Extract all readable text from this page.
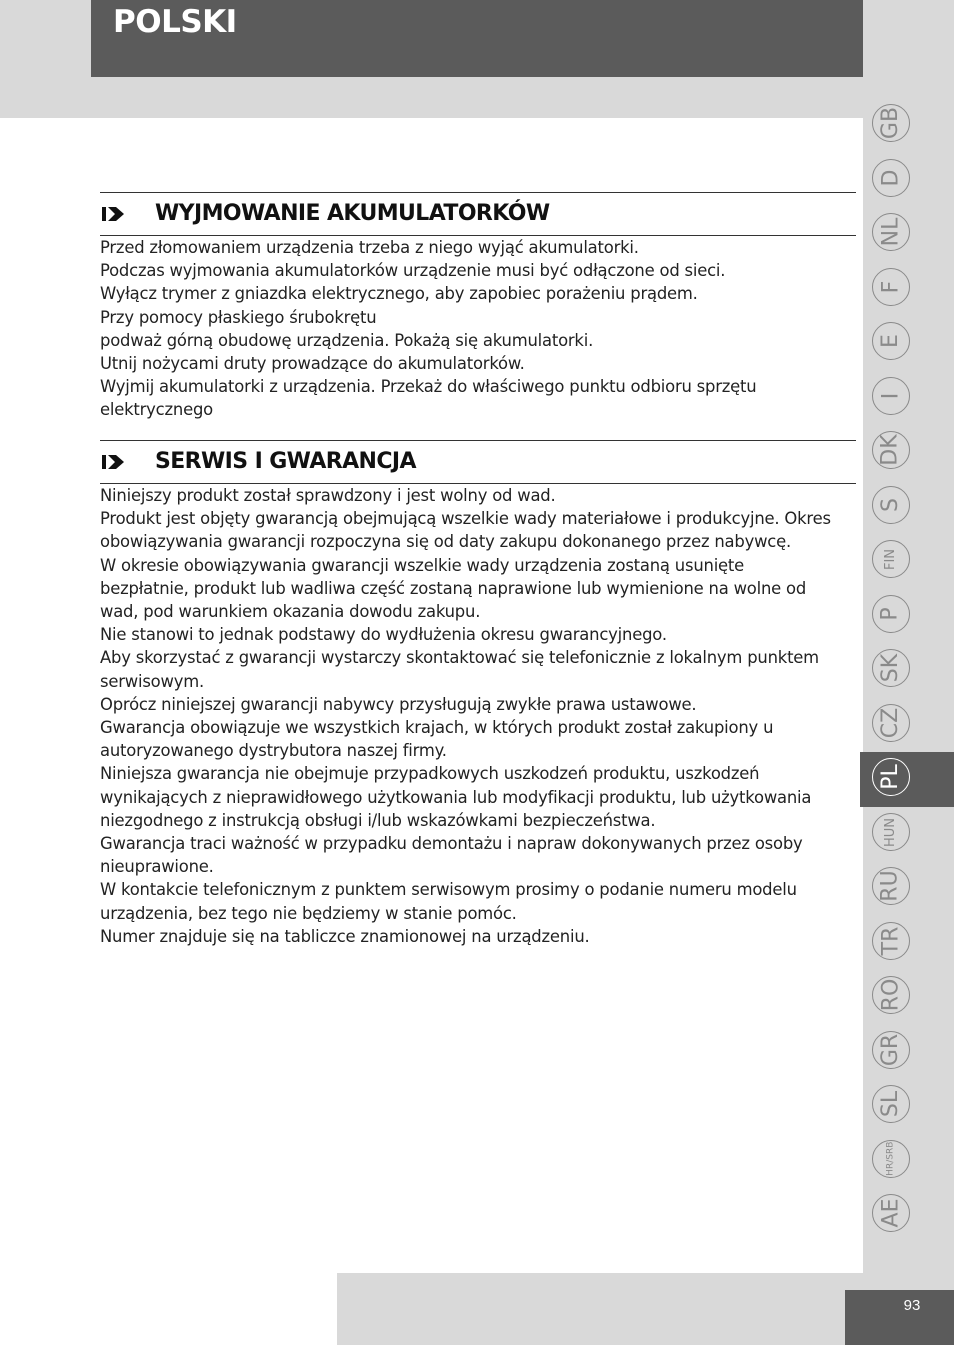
POLSKI
GB
D
NL
F
E
I
DK
S
FIN
P
SK
CZ
PL
HUN
RU
TR
RO
GR
SL
HR/SRB
AE
WYJMOWANIE AKUMULATORKÓW

Przed złomowaniem urządzenia trzeba z niego wyjąć akumulatorki.

Podczas wyjmowania akumulatorków urządzenie musi być odłączone od sieci.

Wyłącz trymer z gniazdka elektrycznego, aby zapobiec porażeniu prądem.

Przy pomocy płaskiego śrubokrętu

podważ górną obudowę urządzenia. Pokażą się akumulatorki.

Utnij nożycami druty prowadzące do akumulatorków.

Wyjmij akumulatorki z urządzenia. Przekaż do właściwego punktu odbioru sprzętu

elektrycznego

SERWIS I GWARANCJA

Niniejszy produkt został sprawdzony i jest wolny od wad.

Produkt jest objęty gwarancją obejmującą wszelkie wady materiałowe i produkcyjne. Okres

obowiązywania gwarancji rozpoczyna się od daty zakupu dokonanego przez nabywcę.

W okresie obowiązywania gwarancji wszelkie wady urządzenia zostaną usunięte

bezpłatnie, produkt lub wadliwa część zostaną naprawione lub wymienione na wolne od

wad, pod warunkiem okazania dowodu zakupu.

Nie stanowi to jednak podstawy do wydłużenia okresu gwarancyjnego.

Aby skorzystać z gwarancji wystarczy skontaktować się telefonicznie z lokalnym punktem

serwisowym.

Oprócz niniejszej gwarancji nabywcy przysługują zwykłe prawa ustawowe.

Gwarancja obowiązuje we wszystkich krajach, w których produkt został zakupiony u

autoryzowanego dystrybutora naszej firmy.

Niniejsza gwarancja nie obejmuje przypadkowych uszkodzeń produktu, uszkodzeń

wynikających z nieprawidłowego użytkowania lub modyfikacji produktu, lub użytkowania

niezgodnego z instrukcją obsługi i/lub wskazówkami bezpieczeństwa.

Gwarancja traci ważność w przypadku demontażu i napraw dokonywanych przez osoby

nieuprawione.

W kontakcie telefonicznym z punktem serwisowym prosimy o podanie numeru modelu

urządzenia, bez tego nie będziemy w stanie pomóc.

Numer znajduje się na tabliczce znamionowej na urządzeniu.

93
